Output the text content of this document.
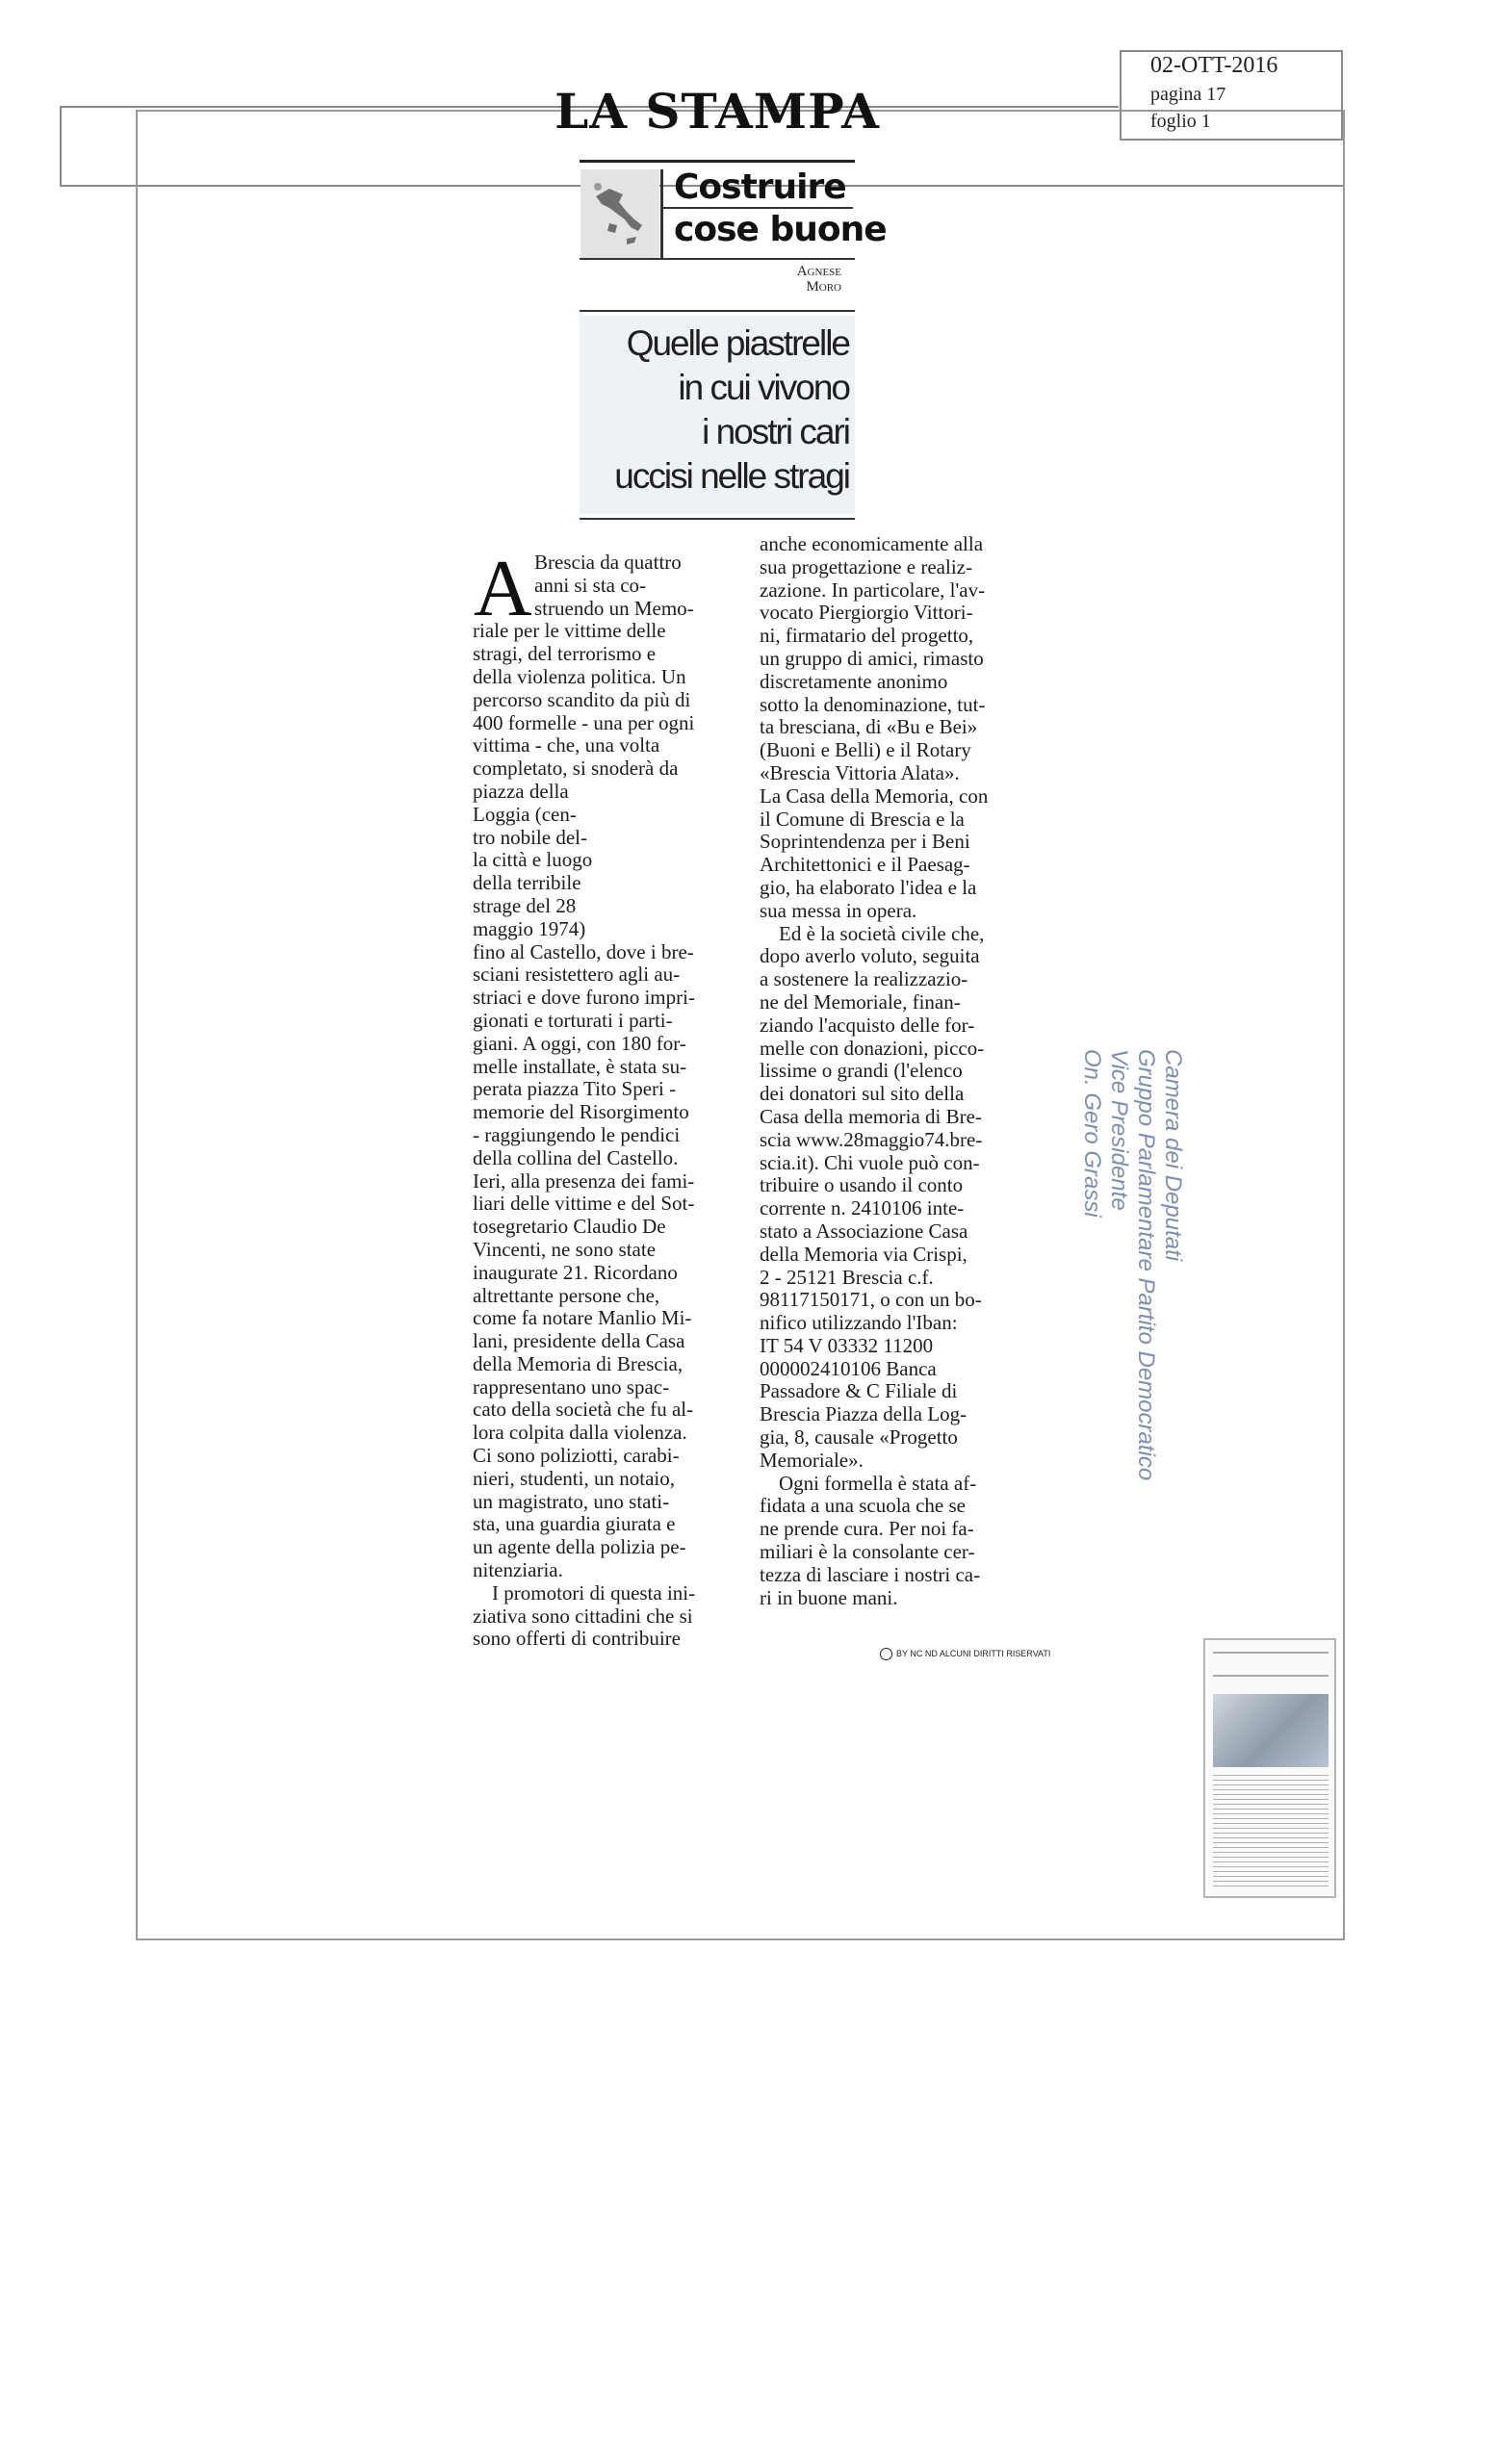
LA STAMPA
02-OTT-2016
pagina 17
foglio 1
Costruire
cose buone
Agnese
Moro
Quelle piastrelle
in cui vivono
i nostri cari
uccisi nelle stragi
A Brescia da quattro
anni si sta co-
struendo un Memo-
riale per le vittime delle
stragi, del terrorismo e
della violenza politica. Un
percorso scandito da più di
400 formelle - una per ogni
vittima - che, una volta
completato, si snoderà da
piazza della
Loggia (cen-
tro nobile del-
la città e luogo
della terribile
strage del 28
maggio 1974)
fino al Castello, dove i bre-
sciani resistettero agli au-
striaci e dove furono impri-
gionati e torturati i parti-
giani. A oggi, con 180 for-
melle installate, è stata su-
perata piazza Tito Speri -
memorie del Risorgimento
- raggiungendo le pendici
della collina del Castello.
Ieri, alla presenza dei fami-
liari delle vittime e del Sot-
tosegretario Claudio De
Vincenti, ne sono state
inaugurate 21. Ricordano
altrettante persone che,
come fa notare Manlio Mi-
lani, presidente della Casa
della Memoria di Brescia,
rappresentano uno spac-
cato della società che fu al-
lora colpita dalla violenza.
Ci sono poliziotti, carabi-
nieri, studenti, un notaio,
un magistrato, uno stati-
sta, una guardia giurata e
un agente della polizia pe-
nitenziaria.
I promotori di questa ini-
ziativa sono cittadini che si
sono offerti di contribuire
anche economicamente alla
sua progettazione e realiz-
zazione. In particolare, l'av-
vocato Piergiorgio Vittori-
ni, firmatario del progetto,
un gruppo di amici, rimasto
discretamente anonimo
sotto la denominazione, tut-
ta bresciana, di «Bu e Bei»
(Buoni e Belli) e il Rotary
«Brescia Vittoria Alata».
La Casa della Memoria, con
il Comune di Brescia e la
Soprintendenza per i Beni
Architettonici e il Paesag-
gio, ha elaborato l'idea e la
sua messa in opera.
Ed è la società civile che,
dopo averlo voluto, seguita
a sostenere la realizzazio-
ne del Memoriale, finan-
ziando l'acquisto delle for-
melle con donazioni, picco-
lissime o grandi (l'elenco
dei donatori sul sito della
Casa della memoria di Bre-
scia www.28maggio74.bre-
scia.it). Chi vuole può con-
tribuire o usando il conto
corrente n. 2410106 inte-
stato a Associazione Casa
della Memoria via Crispi,
2 - 25121 Brescia c.f.
98117150171, o con un bo-
nifico utilizzando l'Iban:
IT 54 V 03332 11200
000002410106 Banca
Passadore & C Filiale di
Brescia Piazza della Log-
gia, 8, causale «Progetto
Memoriale».
Ogni formella è stata af-
fidata a una scuola che se
ne prende cura. Per noi fa-
miliari è la consolante cer-
tezza di lasciare i nostri ca-
ri in buone mani.
BY NC ND ALCUNI DIRITTI RISERVATI
Camera dei Deputati
Gruppo Parlamentare Partito Democratico
Vice Presidente
On. Gero Grassi
